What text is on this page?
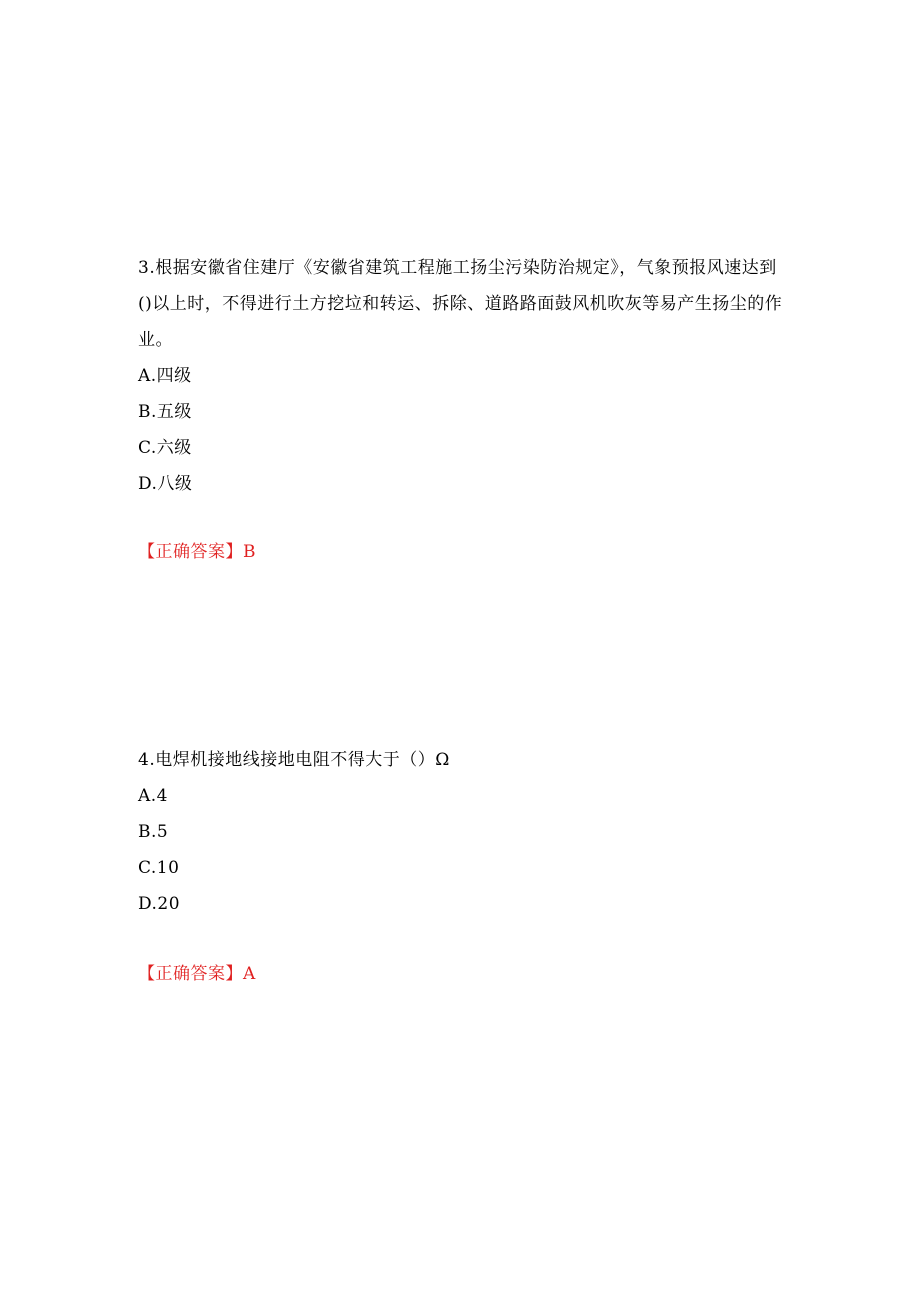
3.根据安徽省住建厅《安徽省建筑工程施工扬尘污染防治规定》，气象预报风速达到()以上时，不得进行土方挖垃和转运、拆除、道路路面鼓风机吹灰等易产生扬尘的作业。

A.四级
B.五级
C.六级
D.八级
【正确答案】B

4.电焊机接地线接地电阻不得大于（）Ω

A.4
B.5
C.10
D.20
【正确答案】A
